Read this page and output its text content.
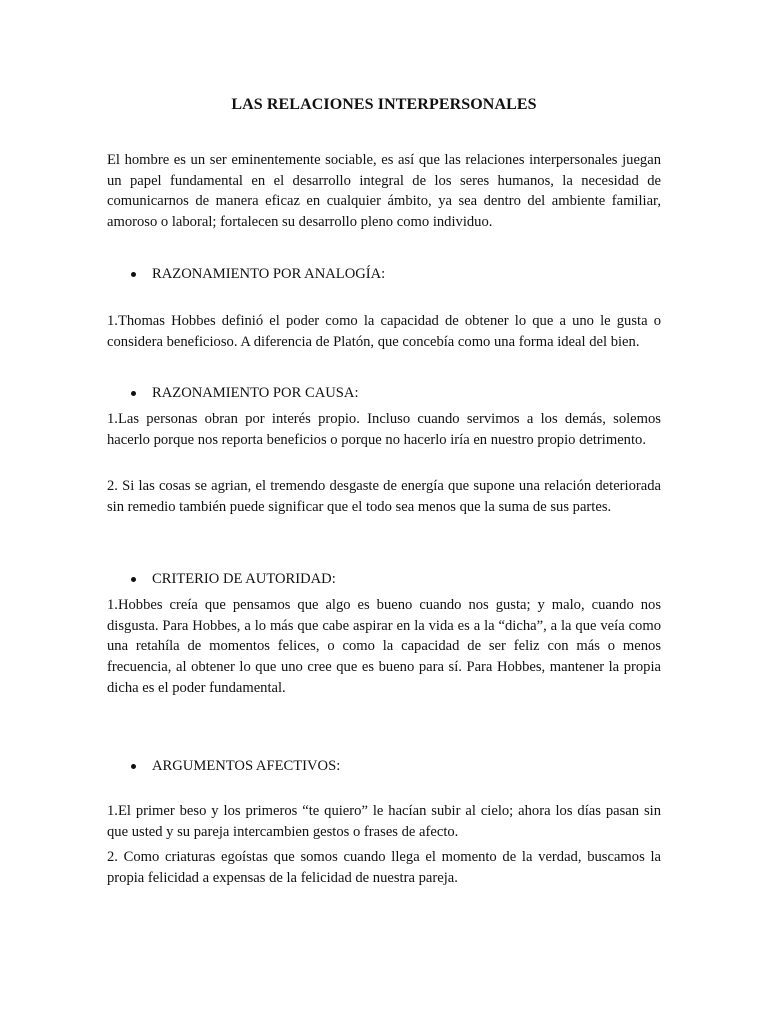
LAS RELACIONES INTERPERSONALES

El hombre es un ser eminentemente sociable, es así que las relaciones interpersonales juegan un papel fundamental en el desarrollo integral de los seres humanos, la necesidad de comunicarnos de manera eficaz en cualquier ámbito, ya sea dentro del ambiente familiar, amoroso o laboral; fortalecen su desarrollo pleno como individuo.

RAZONAMIENTO POR ANALOGÍA:

1.Thomas Hobbes definió el poder como la capacidad de obtener lo que a uno le gusta o considera beneficioso. A diferencia de Platón, que concebía como una forma ideal del bien.

RAZONAMIENTO POR CAUSA:

1.Las personas obran por interés propio. Incluso cuando servimos a los demás, solemos hacerlo porque nos reporta beneficios o porque no hacerlo iría en nuestro propio detrimento.

2. Si las cosas se agrian, el tremendo desgaste de energía que supone una relación deteriorada sin remedio también puede significar que el todo sea menos que la suma de sus partes.

CRITERIO DE AUTORIDAD:

1.Hobbes creía que pensamos que algo es bueno cuando nos gusta; y malo, cuando nos disgusta. Para Hobbes, a lo más que cabe aspirar en la vida es a la “dicha”, a la que veía como una retahíla de momentos felices, o como la capacidad de ser feliz con más o menos frecuencia, al obtener lo que uno cree que es bueno para sí. Para Hobbes, mantener la propia dicha es el poder fundamental.

ARGUMENTOS AFECTIVOS:

1.El primer beso y los primeros “te quiero” le hacían subir al cielo; ahora los días pasan sin que usted y su pareja intercambien gestos o frases de afecto.

2. Como criaturas egoístas que somos cuando llega el momento de la verdad, buscamos la propia felicidad a expensas de la felicidad de nuestra pareja.
